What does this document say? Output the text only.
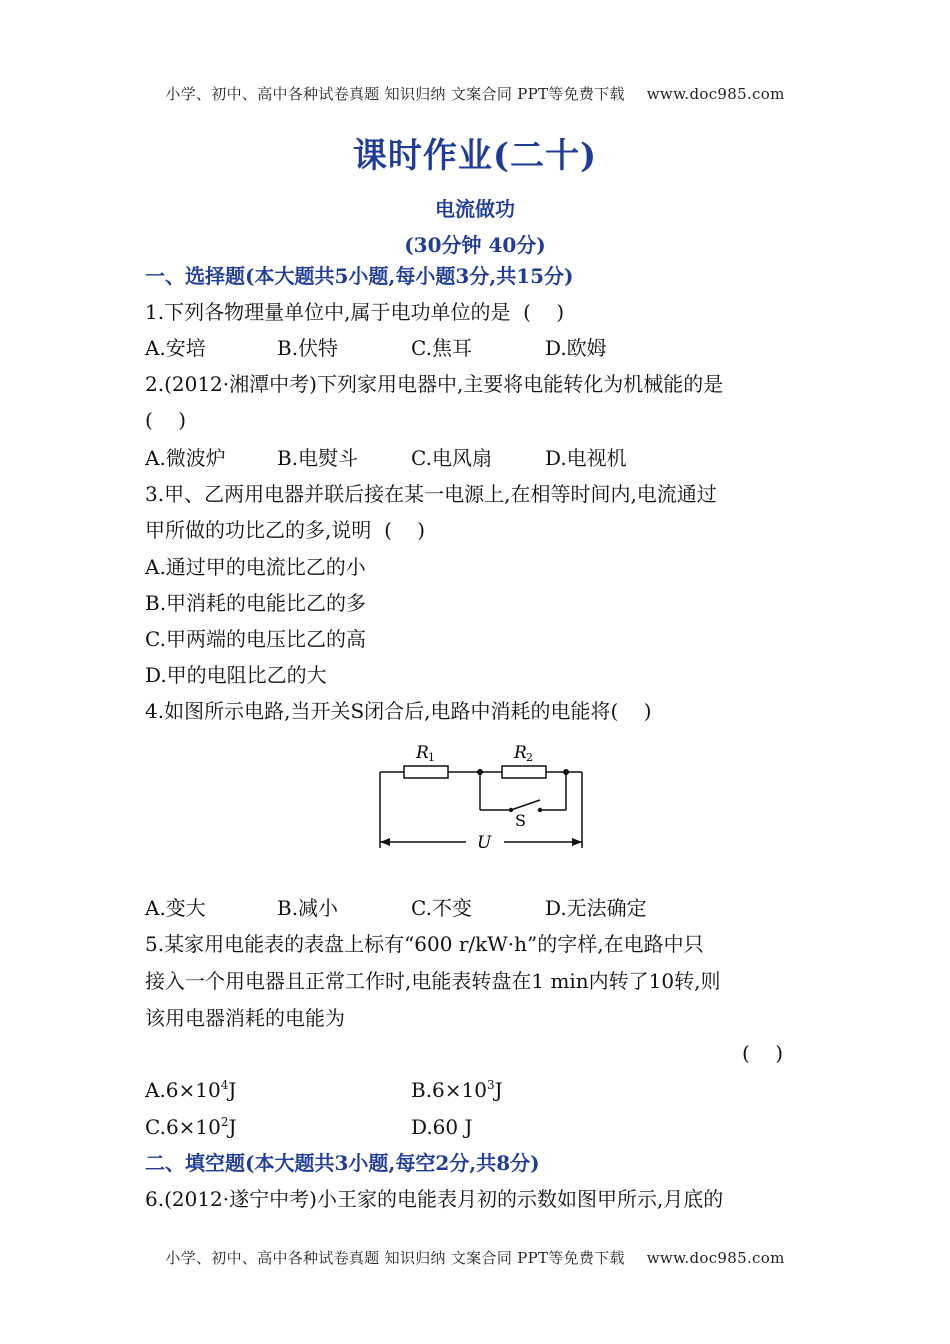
小学、初中、高中各种试卷真题 知识归纳 文案合同 PPT等免费下载 www.doc985.com
课时作业(二十)
电流做功
(30分钟 40分)
一、选择题(本大题共5小题,每小题3分,共15分)
1.下列各物理量单位中,属于电功单位的是  (    )
A.安培	B.伏特	C.焦耳	D.欧姆
2.(2012·湘潭中考)下列家用电器中,主要将电能转化为机械能的是
(    )
A.微波炉	B.电熨斗	C.电风扇	D.电视机
3.甲、乙两用电器并联后接在某一电源上,在相等时间内,电流通过
甲所做的功比乙的多,说明  (    )
A.通过甲的电流比乙的小
B.甲消耗的电能比乙的多
C.甲两端的电压比乙的高
D.甲的电阻比乙的大
4.如图所示电路,当开关S闭合后,电路中消耗的电能将(    )
R 1	R 2
S
U
A.变大	B.减小	C.不变	D.无法确定
5.某家用电能表的表盘上标有“600 r/kW·h”的字样,在电路中只
接入一个用电器且正常工作时,电能表转盘在1 min内转了10转,则
该用电器消耗的电能为
(    )
$A.6\times 10^4J$	$B.6\times 10^3J$
$C.6\times 10^2J$	D.60 J
二、填空题(本大题共3小题,每空2分,共8分)
6.(2012·遂宁中考)小王家的电能表月初的示数如图甲所示,月底的
小学、初中、高中各种试卷真题 知识归纳 文案合同 PPT等免费下载 www.doc985.com
